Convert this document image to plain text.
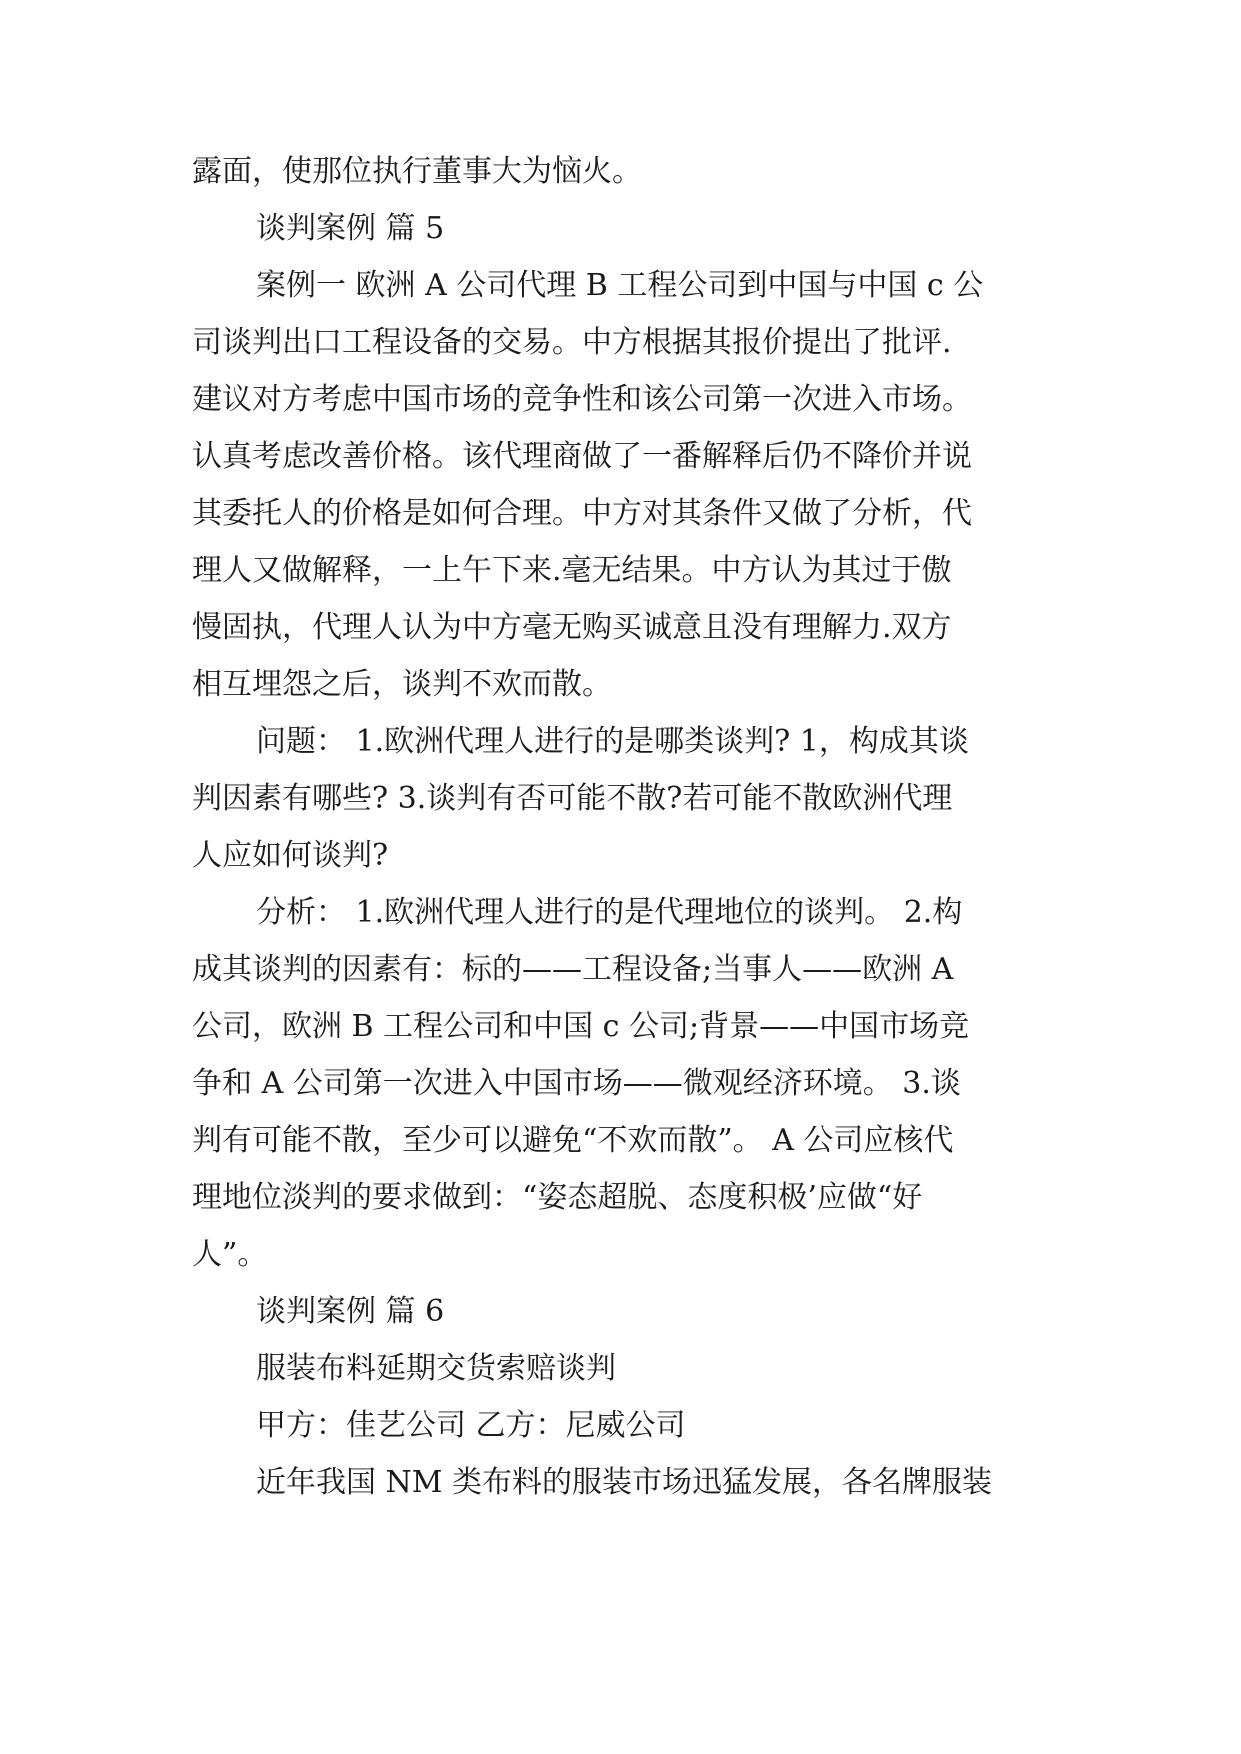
露面，使那位执行董事大为恼火。
谈判案例 篇 5
案例一 欧洲 A 公司代理 B 工程公司到中国与中国 c 公
司谈判出口工程设备的交易。中方根据其报价提出了批评.
建议对方考虑中国市场的竞争性和该公司第一次进入市场。
认真考虑改善价格。该代理商做了一番解释后仍不降价并说
其委托人的价格是如何合理。中方对其条件又做了分析，代
理人又做解释，一上午下来.毫无结果。中方认为其过于傲
慢固执，代理人认为中方毫无购买诚意且没有理解力.双方
相互埋怨之后，谈判不欢而散。
问题： 1.欧洲代理人进行的是哪类谈判? 1，构成其谈
判因素有哪些? 3.谈判有否可能不散?若可能不散欧洲代理
人应如何谈判?
分析： 1.欧洲代理人进行的是代理地位的谈判。 2.构
成其谈判的因素有：标的——工程设备;当事人——欧洲 A
公司，欧洲 B 工程公司和中国 c 公司;背景——中国市场竞
争和 A 公司第一次进入中国市场——微观经济环境。 3.谈
判有可能不散，至少可以避免“不欢而散”。 A 公司应核代
理地位淡判的要求做到：“姿态超脱、态度积极’应做“好
人”。
谈判案例 篇 6
服装布料延期交货索赔谈判
甲方：佳艺公司 乙方：尼威公司
近年我国 NM 类布料的服装市场迅猛发展，各名牌服装
